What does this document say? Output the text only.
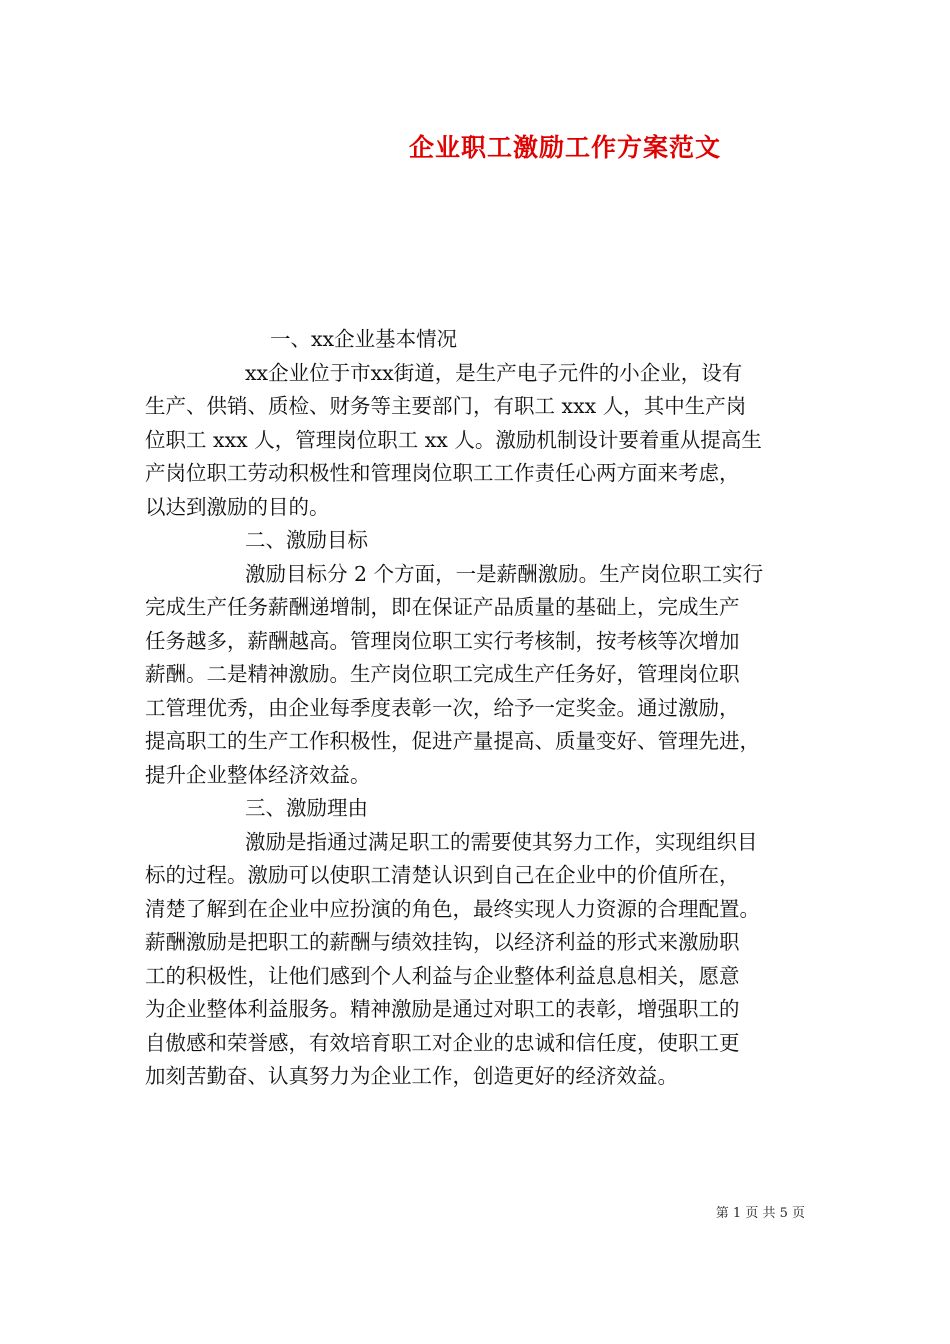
企业职工激励工作方案范文

一、xx企业基本情况

xx企业位于市xx街道，是生产电子元件的小企业，设有

生产、供销、质检、财务等主要部门，有职工 xxx 人，其中生产岗

位职工 xxx 人，管理岗位职工 xx 人。激励机制设计要着重从提高生

产岗位职工劳动积极性和管理岗位职工工作责任心两方面来考虑，

以达到激励的目的。

二、激励目标

激励目标分 2 个方面，一是薪酬激励。生产岗位职工实行

完成生产任务薪酬递增制，即在保证产品质量的基础上，完成生产

任务越多，薪酬越高。管理岗位职工实行考核制，按考核等次增加

薪酬。二是精神激励。生产岗位职工完成生产任务好，管理岗位职

工管理优秀，由企业每季度表彰一次，给予一定奖金。通过激励，

提高职工的生产工作积极性，促进产量提高、质量变好、管理先进，

提升企业整体经济效益。

三、激励理由

激励是指通过满足职工的需要使其努力工作，实现组织目

标的过程。激励可以使职工清楚认识到自己在企业中的价值所在，

清楚了解到在企业中应扮演的角色，最终实现人力资源的合理配置。

薪酬激励是把职工的薪酬与绩效挂钩，以经济利益的形式来激励职

工的积极性，让他们感到个人利益与企业整体利益息息相关，愿意

为企业整体利益服务。精神激励是通过对职工的表彰，增强职工的

自傲感和荣誉感，有效培育职工对企业的忠诚和信任度，使职工更

加刻苦勤奋、认真努力为企业工作，创造更好的经济效益。

第 1 页 共 5 页
